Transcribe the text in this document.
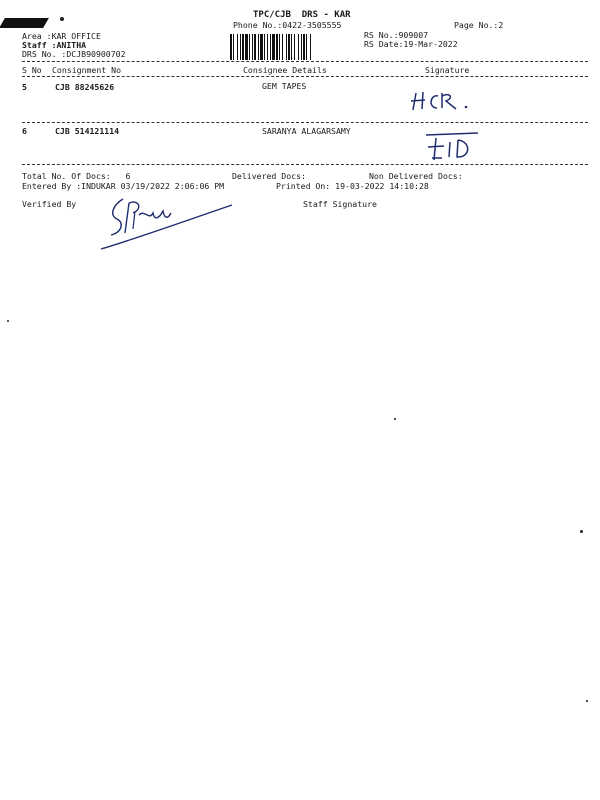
TPC/CJB  DRS - KAR
Phone No.:0422-3505555	Page No.:2
Area :KAR OFFICE
Staff :ANITHA
DRS No. :DCJB90900702
RS No.:909007
RS Date:19-Mar-2022
S No Consignment No	Consignee Details	Signature
5	CJB 88245626	GEM TAPES
6	CJB 514121114	SARANYA ALAGARSAMY
Total No. Of Docs:   6	Delivered Docs:	Non Delivered Docs:
Entered By :INDUKAR 03/19/2022 2:06:06 PM	Printed On: 19-03-2022 14:10:28
Verified By	Staff Signature
